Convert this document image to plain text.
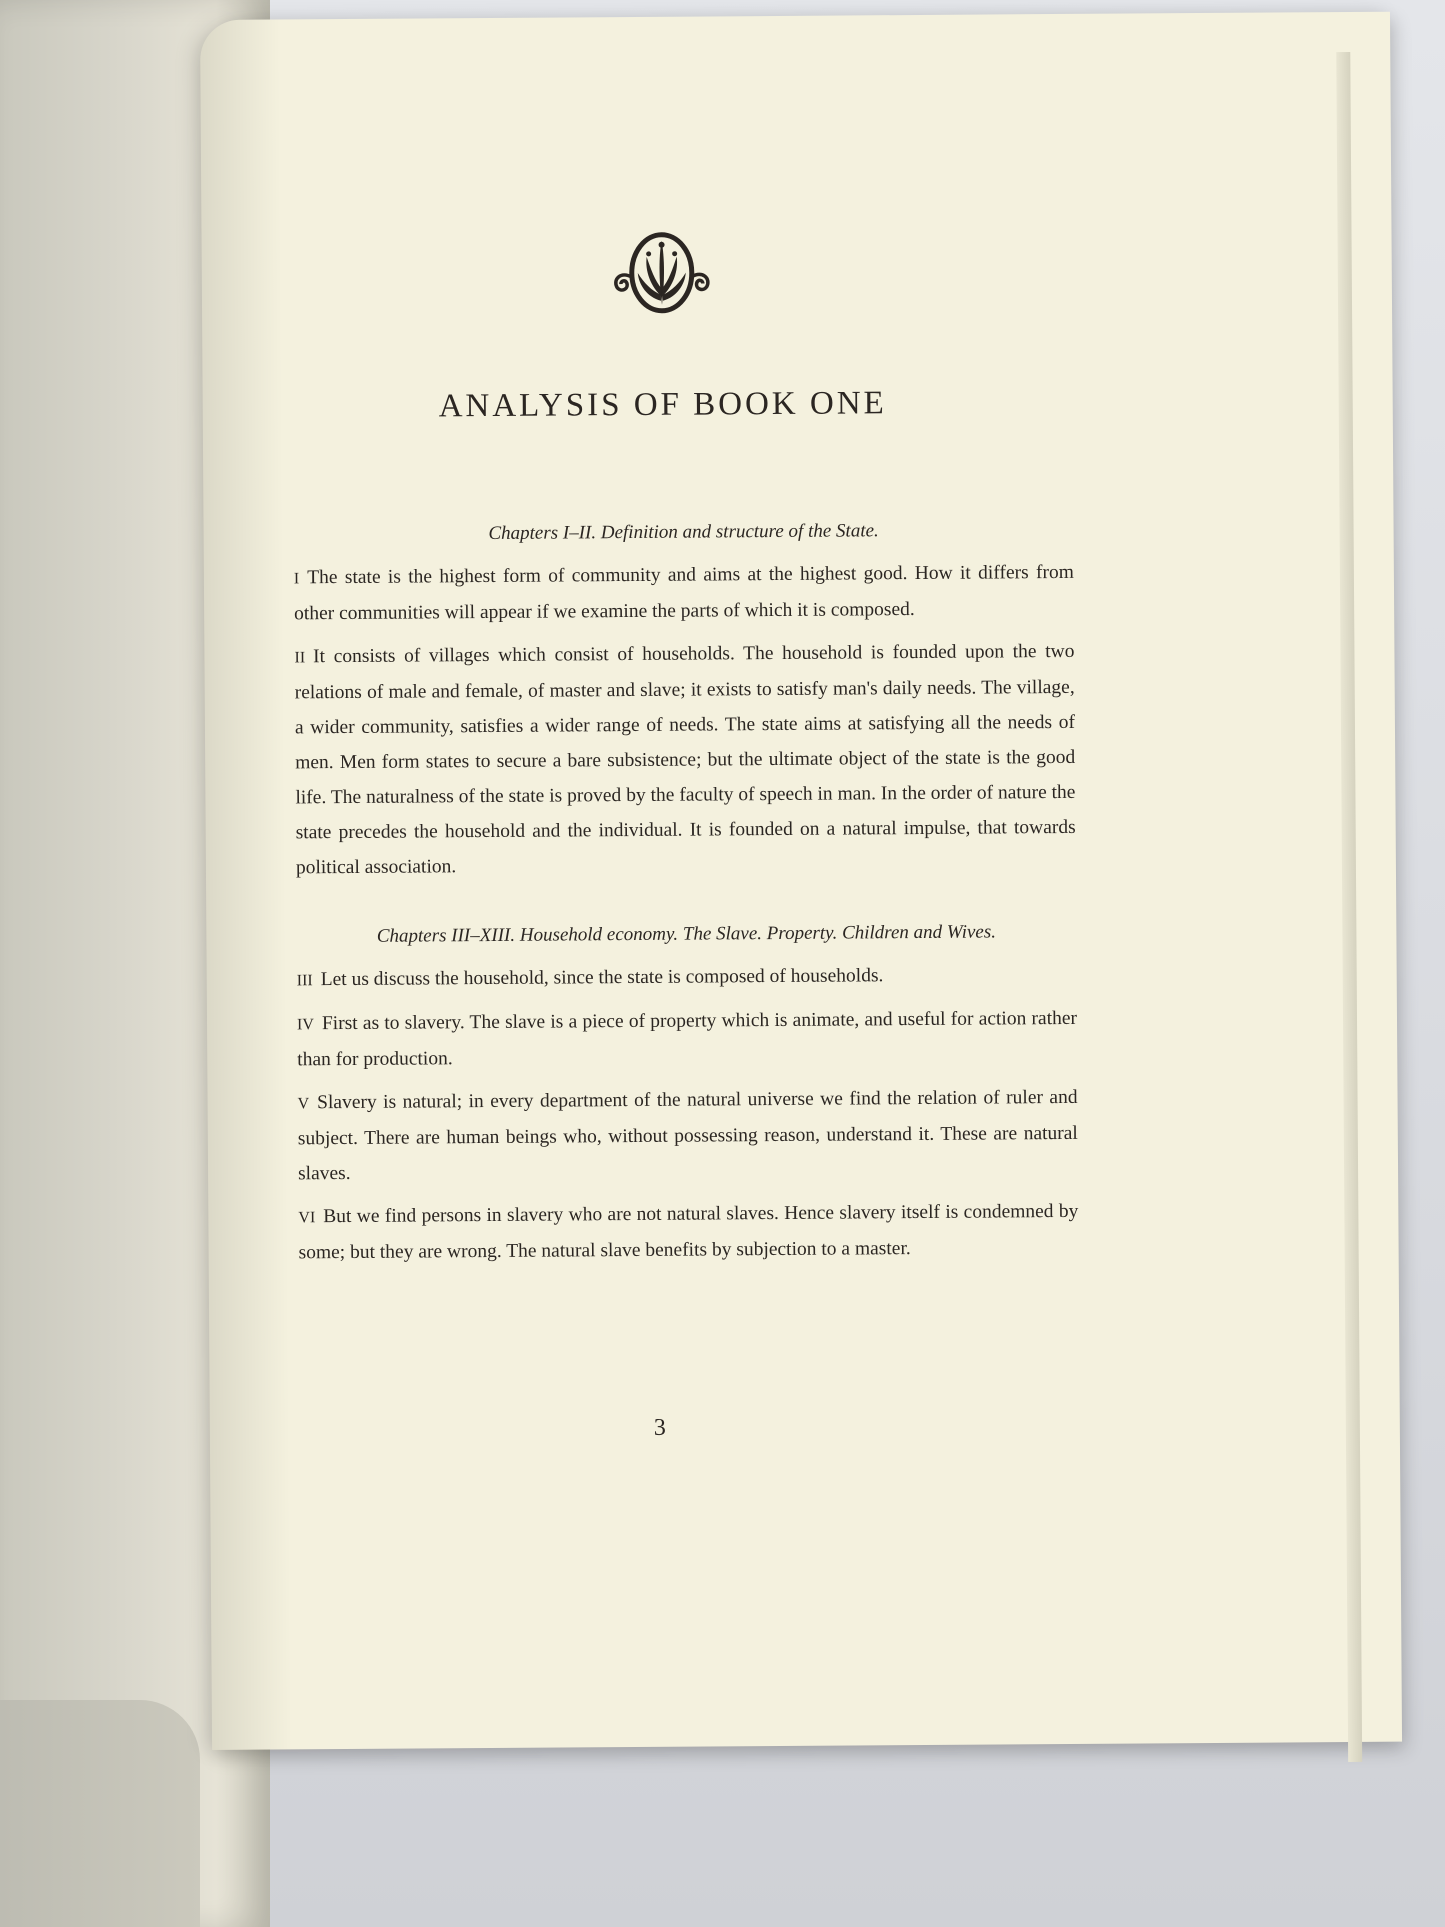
ANALYSIS OF BOOK ONE

Chapters I–II. Definition and structure of the State.

I The state is the highest form of community and aims at the highest good. How it differs from other communities will appear if we examine the parts of which it is composed.

II It consists of villages which consist of households. The household is founded upon the two relations of male and female, of master and slave; it exists to satisfy man's daily needs. The village, a wider community, satisfies a wider range of needs. The state aims at satisfying all the needs of men. Men form states to secure a bare subsistence; but the ultimate object of the state is the good life. The naturalness of the state is proved by the faculty of speech in man. In the order of nature the state precedes the household and the individual. It is founded on a natural impulse, that towards political association.

Chapters III–XIII. Household economy. The Slave. Property. Children and Wives.

III Let us discuss the household, since the state is composed of households.

IV First as to slavery. The slave is a piece of property which is animate, and useful for action rather than for production.

V Slavery is natural; in every department of the natural universe we find the relation of ruler and subject. There are human beings who, without possessing reason, understand it. These are natural slaves.

VI But we find persons in slavery who are not natural slaves. Hence slavery itself is condemned by some; but they are wrong. The natural slave benefits by subjection to a master.

3
